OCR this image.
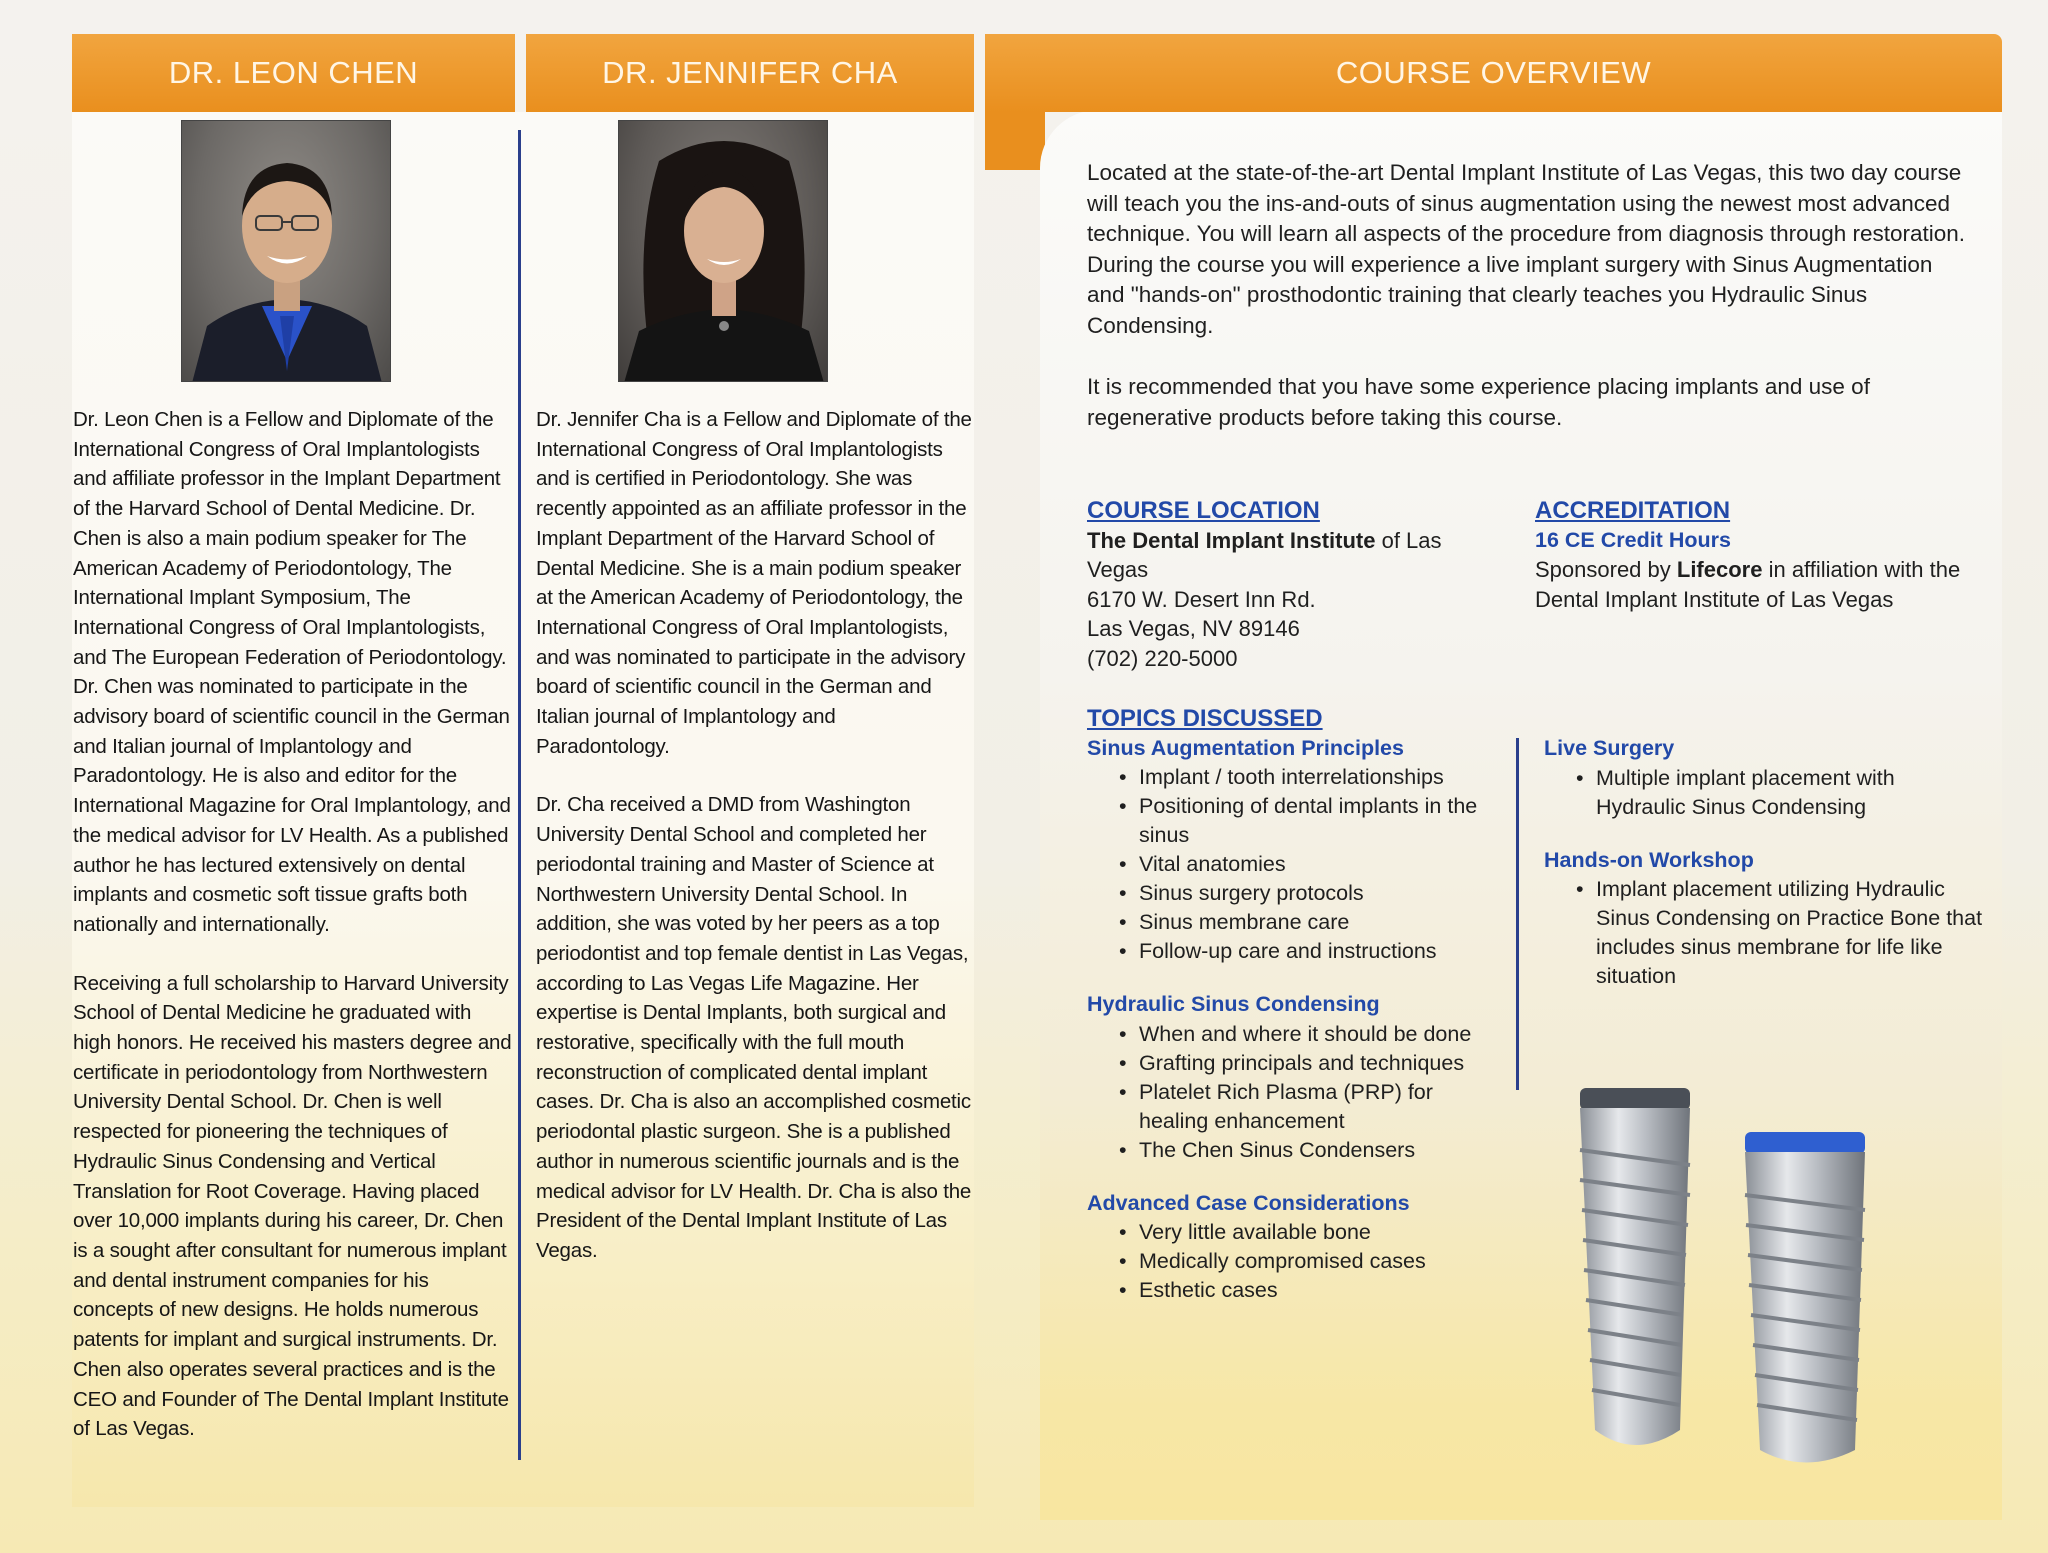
DR. LEON CHEN	DR. JENNIFER CHA	COURSE OVERVIEW

Dr. Leon Chen is a Fellow and Diplomate of the International Congress of Oral Implantologists and affiliate professor in the Implant Department of the Harvard School of Dental Medicine. Dr. Chen is also a main podium speaker for The American Academy of Periodontology, The International Implant Symposium, The International Congress of Oral Implantologists, and The European Federation of Periodontology. Dr. Chen was nominated to participate in the advisory board of scientific council in the German and Italian journal of Implantology and Paradontology. He is also and editor for the International Magazine for Oral Implantology, and the medical advisor for LV Health. As a published author he has lectured extensively on dental implants and cosmetic soft tissue grafts both nationally and internationally.

Receiving a full scholarship to Harvard University School of Dental Medicine he graduated with high honors. He received his masters degree and certificate in periodontology from Northwestern University Dental School. Dr. Chen is well respected for pioneering the techniques of Hydraulic Sinus Condensing and Vertical Translation for Root Coverage. Having placed over 10,000 implants during his career, Dr. Chen is a sought after consultant for numerous implant and dental instrument companies for his concepts of new designs. He holds numerous patents for implant and surgical instruments. Dr. Chen also operates several practices and is the CEO and Founder of The Dental Implant Institute of Las Vegas.

Dr. Jennifer Cha is a Fellow and Diplomate of the International Congress of Oral Implantologists and is certified in Periodontology. She was recently appointed as an affiliate professor in the Implant Department of the Harvard School of Dental Medicine. She is a main podium speaker at the American Academy of Periodontology, the International Congress of Oral Implantologists, and was nominated to participate in the advisory board of scientific council in the German and Italian journal of Implantology and Paradontology.

Dr. Cha received a DMD from Washington University Dental School and completed her periodontal training and Master of Science at Northwestern University Dental School. In addition, she was voted by her peers as a top periodontist and top female dentist in Las Vegas, according to Las Vegas Life Magazine. Her expertise is Dental Implants, both surgical and restorative, specifically with the full mouth reconstruction of complicated dental implant cases. Dr. Cha is also an accomplished cosmetic periodontal plastic surgeon. She is a published author in numerous scientific journals and is the medical advisor for LV Health. Dr. Cha is also the President of the Dental Implant Institute of Las Vegas.

Located at the state-of-the-art Dental Implant Institute of Las Vegas, this two day course will teach you the ins-and-outs of sinus augmentation using the newest most advanced technique. You will learn all aspects of the procedure from diagnosis through restoration. During the course you will experience a live implant surgery with Sinus Augmentation and "hands-on" prosthodontic training that clearly teaches you Hydraulic Sinus Condensing.

It is recommended that you have some experience placing implants and use of regenerative products before taking this course.

COURSE LOCATION
The Dental Implant Institute of Las Vegas
6170 W. Desert Inn Rd.
Las Vegas, NV 89146
(702) 220-5000
ACCREDITATION
16 CE Credit Hours
Sponsored by Lifecore in affiliation with the Dental Implant Institute of Las Vegas
TOPICS DISCUSSED
Sinus Augmentation Principles
• Implant / tooth interrelationships
• Positioning of dental implants in the sinus
• Vital anatomies
• Sinus surgery protocols
• Sinus membrane care
• Follow-up care and instructions
Hydraulic Sinus Condensing
• When and where it should be done
• Grafting principals and techniques
• Platelet Rich Plasma (PRP) for healing enhancement
• The Chen Sinus Condensers
Advanced Case Considerations
• Very little available bone
• Medically compromised cases
• Esthetic cases
Live Surgery
• Multiple implant placement with Hydraulic Sinus Condensing
Hands-on Workshop
• Implant placement utilizing Hydraulic Sinus Condensing on Practice Bone that includes sinus membrane for life like situation
